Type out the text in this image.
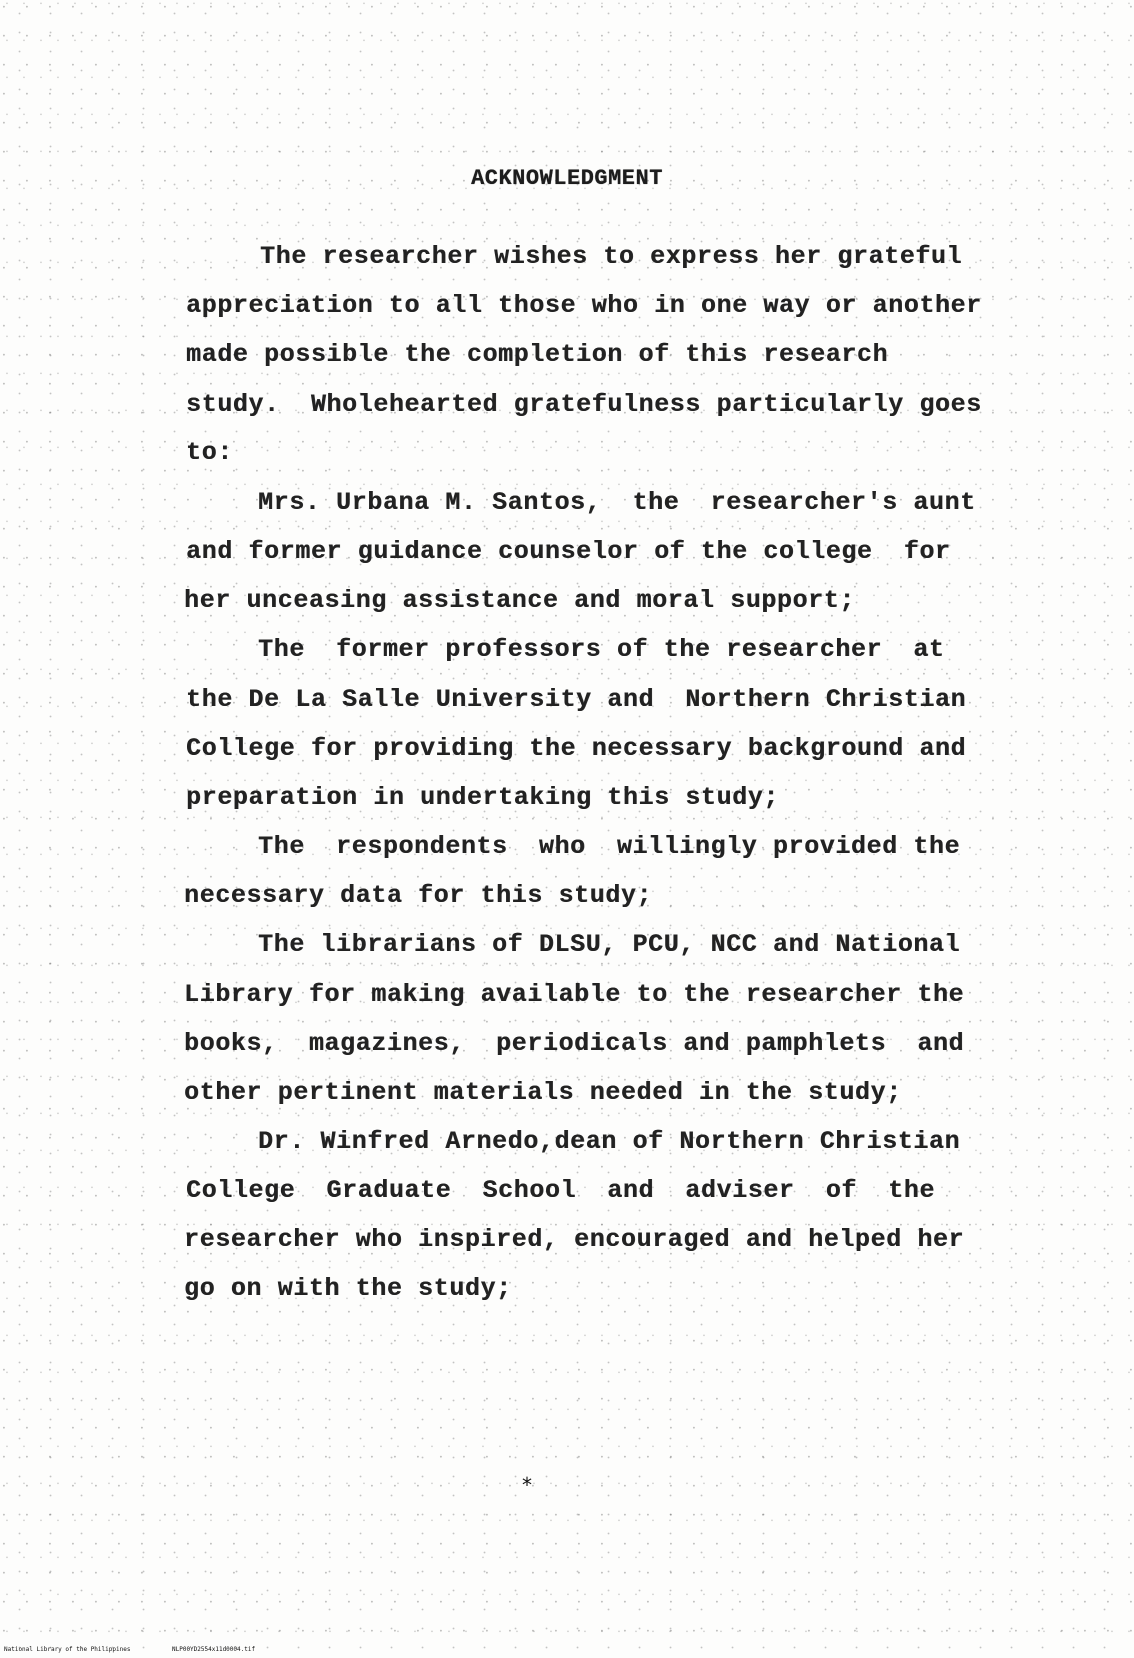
ACKNOWLEDGMENT
The researcher wishes to express her grateful
appreciation to all those who in one way or another
made possible the completion of this research
study.  Wholehearted gratefulness particularly goes
to:
Mrs. Urbana M. Santos,  the  researcher's aunt
and former guidance counselor of the college  for
her unceasing assistance and moral support;
The  former professors of the researcher  at
the De La Salle University and  Northern Christian
College for providing the necessary background and
preparation in undertaking this study;
The  respondents  who  willingly provided the
necessary data for this study;
The librarians of DLSU, PCU, NCC and National
Library for making available to the researcher the
books,  magazines,  periodicals and pamphlets  and
other pertinent materials needed in the study;
Dr. Winfred Arnedo,dean of Northern Christian
College  Graduate  School  and  adviser  of  the
researcher who inspired, encouraged and helped her
go on with the study;
*
National Library of the Philippines	NLP00YD2554x11d0004.tif
